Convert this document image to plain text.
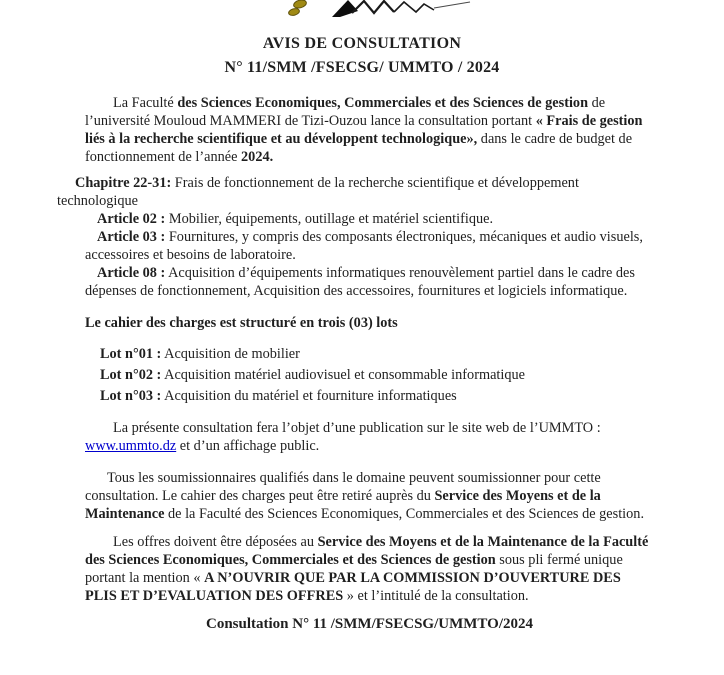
AVIS DE CONSULTATION
N° 11/SMM /FSECSG/ UMMTO / 2024

La Faculté des Sciences Economiques, Commerciales et des Sciences de gestion de l’université Mouloud MAMMERI de Tizi-Ouzou lance la consultation portant « Frais de gestion liés à la recherche scientifique et au développent technologique», dans le cadre de budget de fonctionnement de l’année 2024.

Chapitre 22-31: Frais de fonctionnement de la recherche scientifique et développement technologique

Article 02 : Mobilier, équipements, outillage et matériel scientifique.

Article 03 : Fournitures, y compris des composants électroniques, mécaniques et audio visuels, accessoires et besoins de laboratoire.

Article 08 : Acquisition d’équipements informatiques renouvèlement partiel dans le cadre des dépenses de fonctionnement, Acquisition des accessoires, fournitures et logiciels informatique.

Le cahier des charges est structuré en trois (03) lots

Lot n°01 : Acquisition de mobilier

Lot n°02 : Acquisition matériel audiovisuel et consommable informatique

Lot n°03 : Acquisition du matériel et fourniture informatiques

La présente consultation fera l’objet d’une publication sur le site web de l’UMMTO : www.ummto.dz et d’un affichage public.

Tous les soumissionnaires qualifiés dans le domaine peuvent soumissionner pour cette consultation. Le cahier des charges peut être retiré auprès du Service des Moyens et de la Maintenance de la Faculté des Sciences Economiques, Commerciales et des Sciences de gestion.

Les offres doivent être déposées au Service des Moyens et de la Maintenance de la Faculté des Sciences Economiques, Commerciales et des Sciences de gestion sous pli fermé unique portant la mention « A N’OUVRIR QUE PAR LA COMMISSION D’OUVERTURE DES PLIS ET D’EVALUATION DES OFFRES » et l’intitulé de la consultation.

Consultation N° 11 /SMM/FSECSG/UMMTO/2024
